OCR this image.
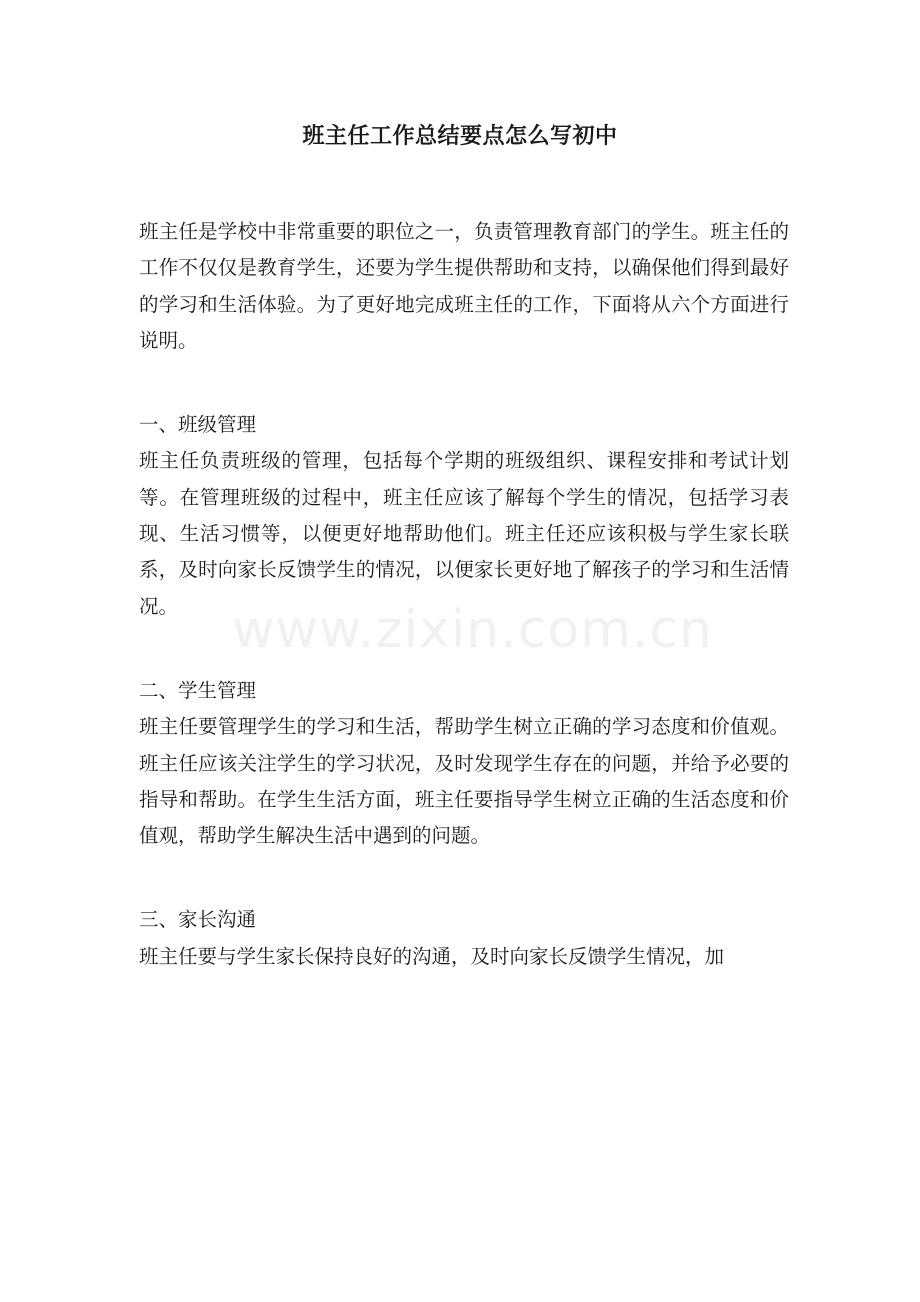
班主任工作总结要点怎么写初中

班主任是学校中非常重要的职位之一，负责管理教育部门的学生。班主任的工作不仅仅是教育学生，还要为学生提供帮助和支持，以确保他们得到最好的学习和生活体验。为了更好地完成班主任的工作，下面将从六个方面进行说明。

一、班级管理

班主任负责班级的管理，包括每个学期的班级组织、课程安排和考试计划等。在管理班级的过程中，班主任应该了解每个学生的情况，包括学习表现、生活习惯等，以便更好地帮助他们。班主任还应该积极与学生家长联系，及时向家长反馈学生的情况，以便家长更好地了解孩子的学习和生活情况。

二、学生管理

班主任要管理学生的学习和生活，帮助学生树立正确的学习态度和价值观。班主任应该关注学生的学习状况，及时发现学生存在的问题，并给予必要的指导和帮助。在学生生活方面，班主任要指导学生树立正确的生活态度和价值观，帮助学生解决生活中遇到的问题。

三、家长沟通

班主任要与学生家长保持良好的沟通，及时向家长反馈学生情况，加

www.zixin.com.cn
